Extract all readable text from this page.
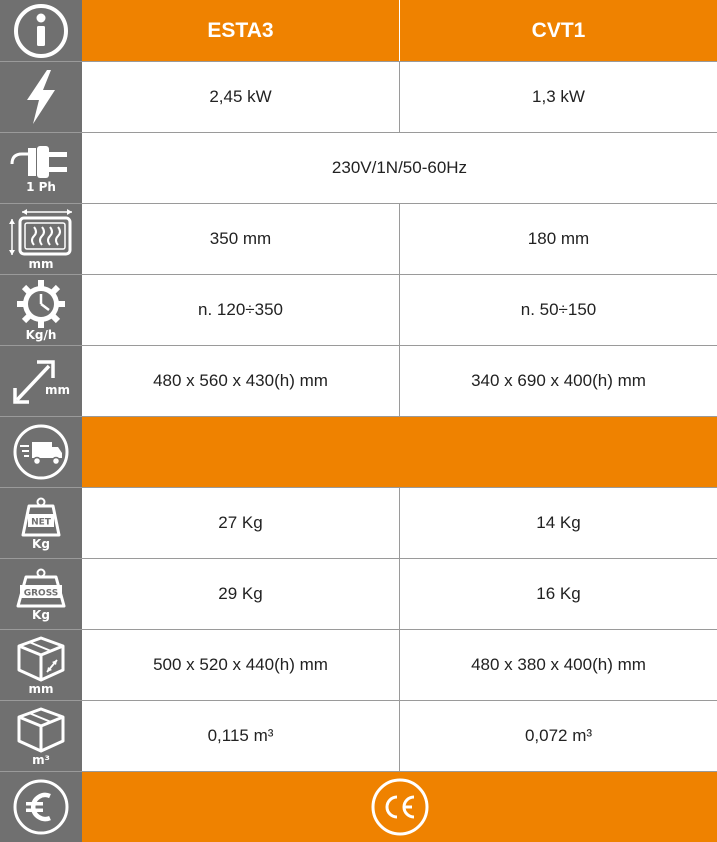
ESTA3	CVT1
2,45 kW	1,3 kW
1 Ph
230V/1N/50-60Hz
mm
350 mm	180 mm
Kg/h
n. 120÷350	n. 50÷150
mm	480 x 560 x 430(h) mm	340 x 690 x 400(h) mm
NET
Kg
27 Kg	14 Kg
GROSS
Kg
29 Kg	16 Kg
mm
500 x 520 x 440(h) mm	480 x 380 x 400(h) mm
m³
0,115 m³	0,072 m³
CE
